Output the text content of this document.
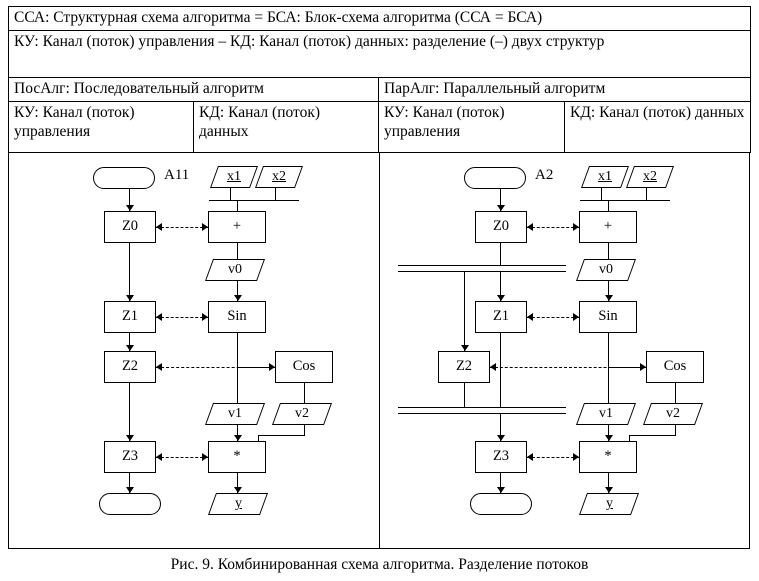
ССА: Структурная схема алгоритма = БСА: Блок-схема алгоритма (ССА = БСА)			
КУ: Канал (поток) управления – КД: Канал (поток) данных: разделение (–) двух структур			
ПосАлг: Последовательный алгоритм		ПарАлг: Параллельный алгоритм	
КУ: Канал (поток) управления	КД: Канал (поток) данных	КУ: Канал (поток) управления	КД: Канал (поток) данных
A11	x1 x2
Z0
Z1
Z2
Z3
+
v0
Sin
Cos
v1	v2
*
y
A2	x1 x2
Z0
Z1
Z2
Z3
+
v0
Sin
Cos
v1	v2
*
y
Рис. 9. Комбинированная схема алгоритма. Разделение потоков
